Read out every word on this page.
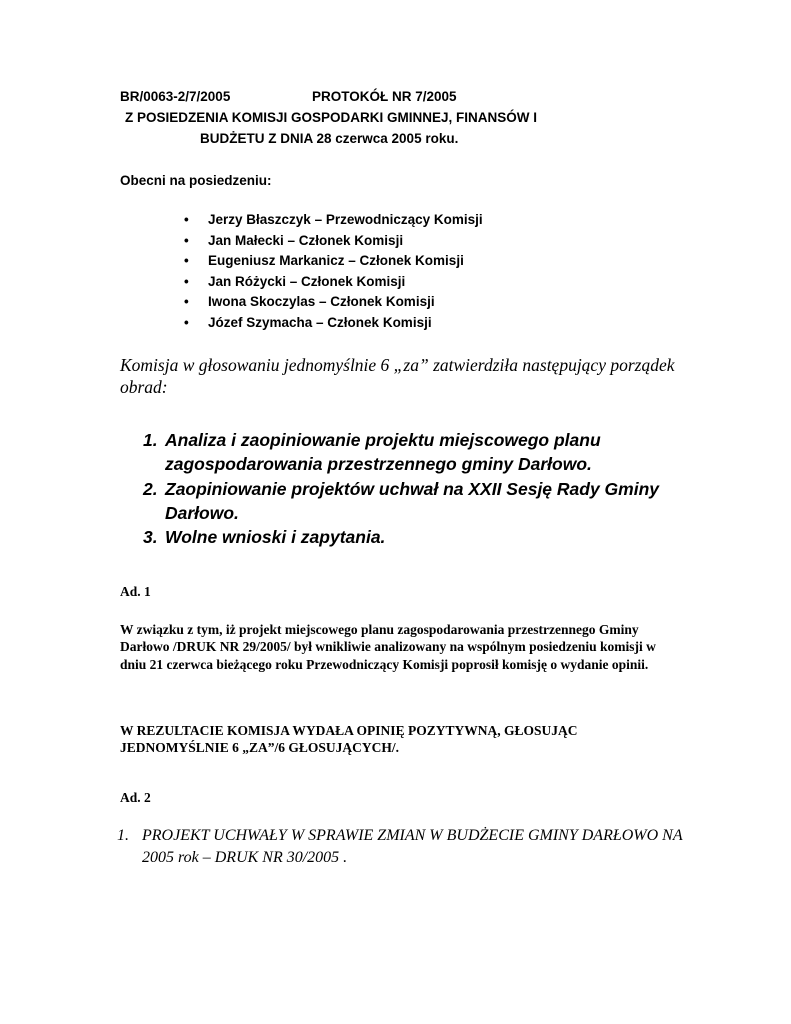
BR/0063-2/7/2005	PROTOKÓŁ NR 7/2005
Z POSIEDZENIA KOMISJI GOSPODARKI GMINNEJ, FINANSÓW I
BUDŻETU Z DNIA 28 czerwca 2005 roku.
Obecni na posiedzeniu:
• Jerzy Błaszczyk – Przewodniczący Komisji
• Jan Małecki – Członek Komisji
• Eugeniusz Markanicz – Członek Komisji
• Jan Różycki – Członek Komisji
• Iwona Skoczylas – Członek Komisji
• Józef Szymacha – Członek Komisji
Komisja w głosowaniu jednomyślnie 6 „za” zatwierdziła następujący porządek obrad:
1. Analiza i zaopiniowanie projektu miejscowego planu zagospodarowania przestrzennego gminy Darłowo.
2. Zaopiniowanie projektów uchwał na XXII Sesję Rady Gminy Darłowo.
3. Wolne wnioski i zapytania.
Ad. 1
W związku z tym, iż projekt miejscowego planu zagospodarowania przestrzennego Gminy Darłowo /DRUK NR 29/2005/ był wnikliwie analizowany na wspólnym posiedzeniu komisji w dniu 21 czerwca bieżącego roku Przewodniczący Komisji poprosił komisję o wydanie opinii.
W REZULTACIE KOMISJA WYDAŁA OPINIĘ POZYTYWNĄ, GŁOSUJĄC JEDNOMYŚLNIE 6 „ZA”/6 GŁOSUJĄCYCH/.
Ad. 2
1. PROJEKT UCHWAŁY W SPRAWIE ZMIAN W BUDŻECIE GMINY DARŁOWO NA 2005 rok – DRUK NR 30/2005 .
